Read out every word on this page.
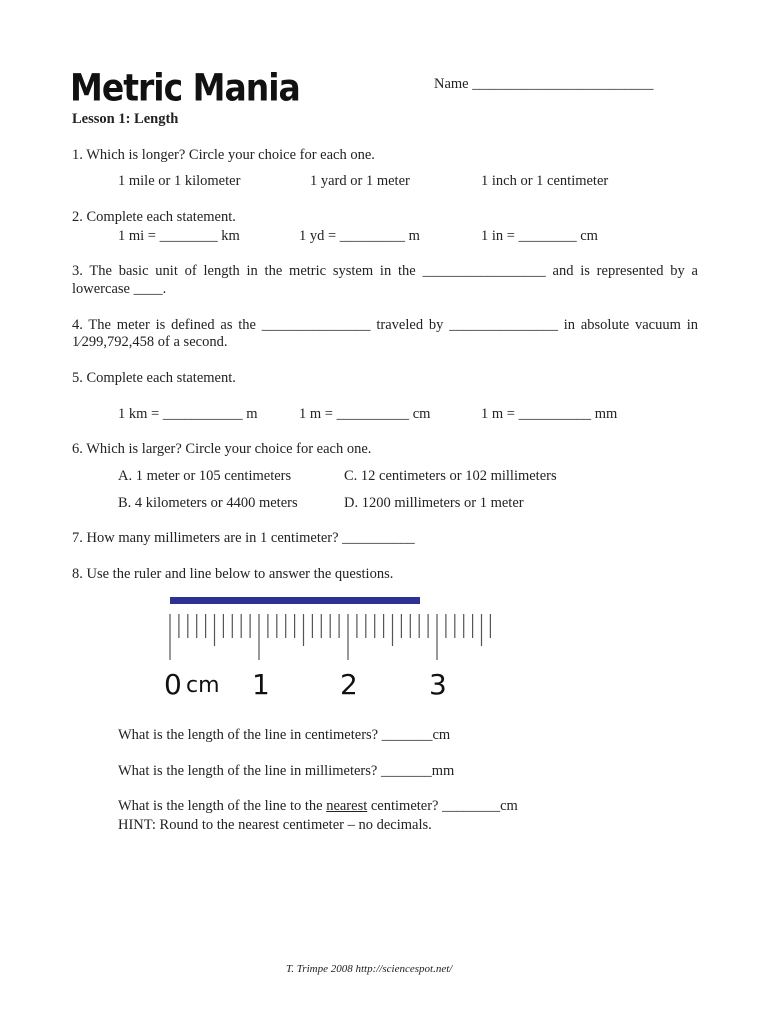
Metric Mania	Name _________________________
Lesson 1: Length
1. Which is longer? Circle your choice for each one.
1 mile or 1 kilometer	1 yard or 1 meter	1 inch or 1 centimeter
2. Complete each statement.
1 mi = ________ km	1 yd = _________ m	1 in = ________ cm
3. The basic unit of length in the metric system in the _________________ and is represented by a
lowercase ____.
4. The meter is defined as the _______________ traveled by _______________ in absolute vacuum in
1⁄299,792,458 of a second.
5. Complete each statement.
1 km = ___________ m	1 m = __________ cm	1 m = __________ mm
6. Which is larger? Circle your choice for each one.
A. 1 meter or 105 centimeters
B. 4 kilometers or 4400 meters
C. 12 centimeters or 102 millimeters
D. 1200 millimeters or 1 meter
7. How many millimeters are in 1 centimeter? __________
8. Use the ruler and line below to answer the questions.
0 cm 1	2	3
What is the length of the line in centimeters? _______cm
What is the length of the line in millimeters? _______mm
What is the length of the line to the nearest centimeter? ________cm
HINT: Round to the nearest centimeter – no decimals.
T. Trimpe 2008 http://sciencespot.net/
